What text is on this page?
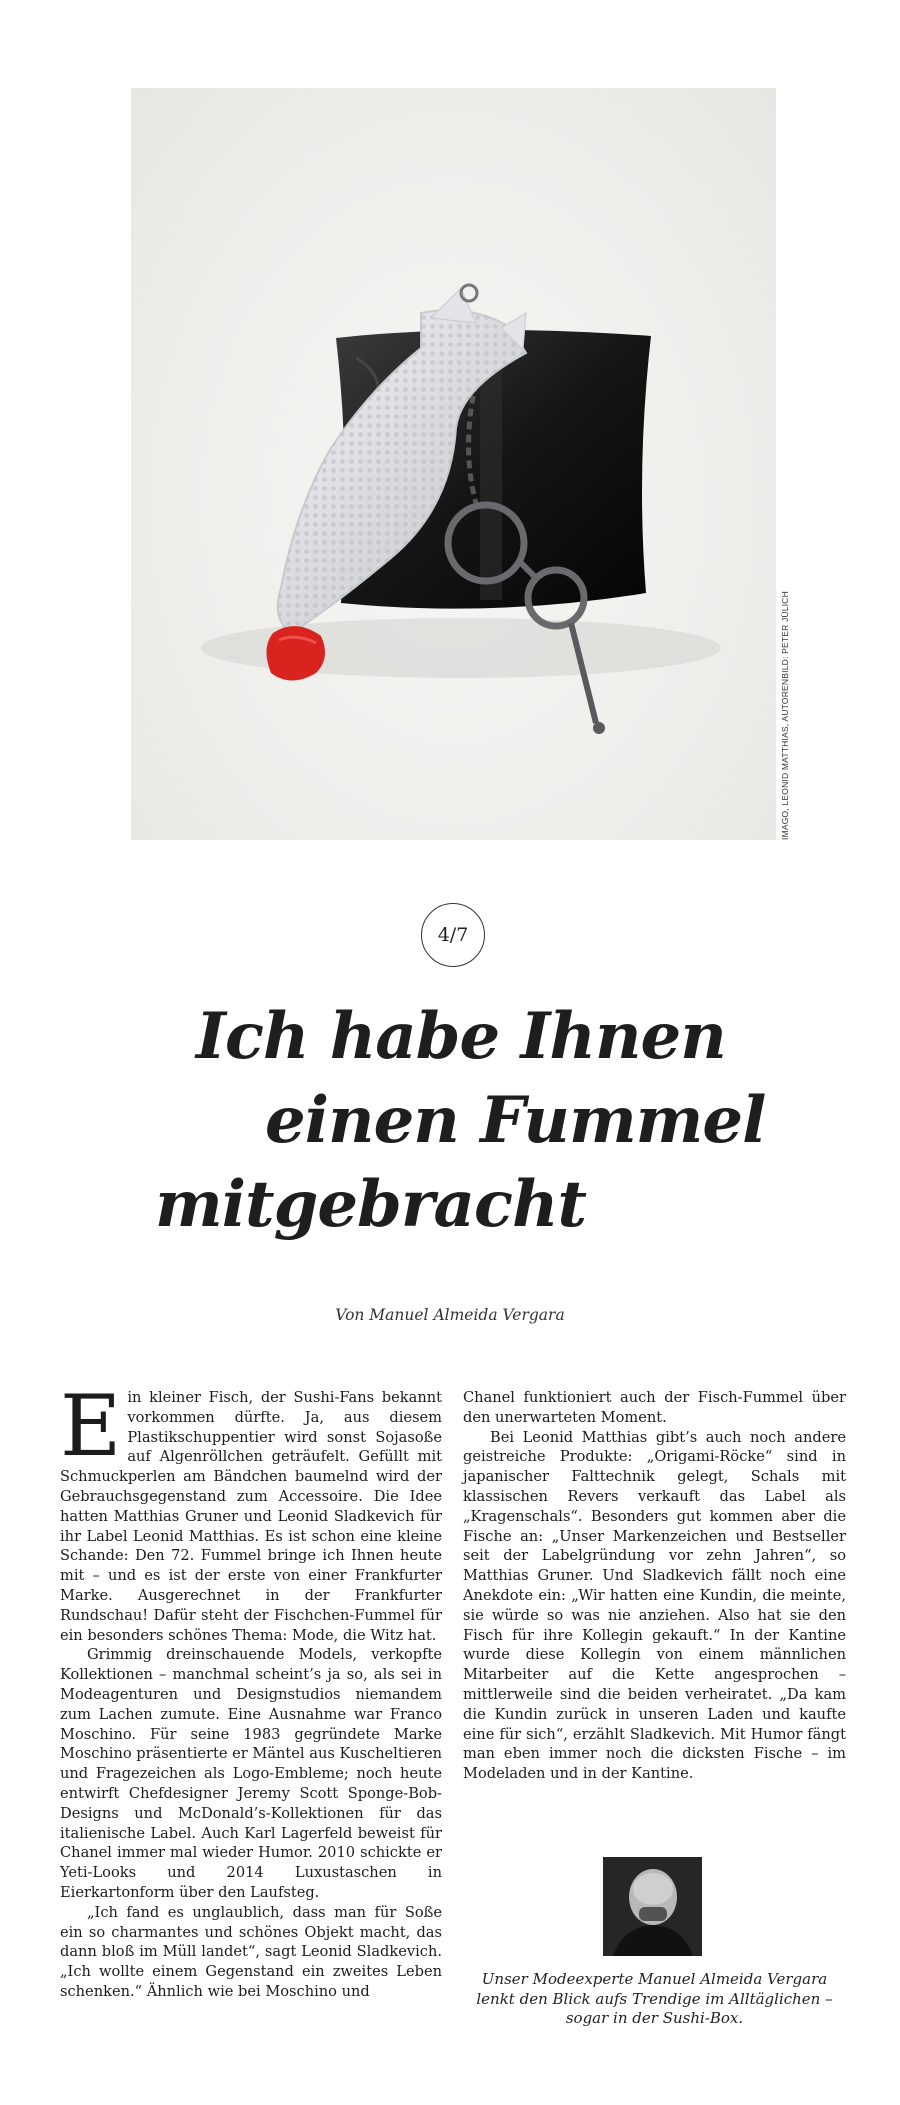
IMAGO, LEONID MATTHIAS, AUTORENBILD: PETER JÜLICH
4/7
Ich habe Ihnen
einen Fummel
mitgebracht
Von Manuel Almeida Vergara

Ein kleiner Fisch, der Sushi-Fans bekannt vorkommen dürfte. Ja, aus diesem Plastikschuppentier wird sonst Sojasoße auf Algenröllchen geträufelt. Gefüllt mit Schmuckperlen am Bändchen baumelnd wird der Gebrauchsgegenstand zum Accessoire. Die Idee hatten Matthias Gruner und Leonid Sladkevich für ihr Label Leonid Matthias. Es ist schon eine kleine Schande: Den 72. Fummel bringe ich Ihnen heute mit – und es ist der erste von einer Frankfurter Marke. Ausgerechnet in der Frankfurter Rundschau! Dafür steht der Fischchen-Fummel für ein besonders schönes Thema: Mode, die Witz hat.

Grimmig dreinschauende Models, verkopfte Kollektionen – manchmal scheint’s ja so, als sei in Modeagenturen und Designstudios niemandem zum Lachen zumute. Eine Ausnahme war Franco Moschino. Für seine 1983 gegründete Marke Moschino präsentierte er Mäntel aus Kuscheltieren und Fragezeichen als Logo-Embleme; noch heute entwirft Chefdesigner Jeremy Scott Sponge-Bob-Designs und McDonald’s-Kollektionen für das italienische Label. Auch Karl Lagerfeld beweist für Chanel immer mal wieder Humor. 2010 schickte er Yeti-Looks und 2014 Luxustaschen in Eierkartonform über den Laufsteg.

„Ich fand es unglaublich, dass man für Soße ein so charmantes und schönes Objekt macht, das dann bloß im Müll landet“, sagt Leonid Sladkevich. „Ich wollte einem Gegenstand ein zweites Leben schenken.“ Ähnlich wie bei Moschino und

Chanel funktioniert auch der Fisch-Fummel über den unerwarteten Moment.

Bei Leonid Matthias gibt’s auch noch andere geistreiche Produkte: „Origami-Röcke“ sind in japanischer Falttechnik gelegt, Schals mit klassischen Revers verkauft das Label als „Kragenschals“. Besonders gut kommen aber die Fische an: „Unser Markenzeichen und Bestseller seit der Labelgründung vor zehn Jahren“, so Matthias Gruner. Und Sladkevich fällt noch eine Anekdote ein: „Wir hatten eine Kundin, die meinte, sie würde so was nie anziehen. Also hat sie den Fisch für ihre Kollegin gekauft.“ In der Kantine wurde diese Kollegin von einem männlichen Mitarbeiter auf die Kette angesprochen – mittlerweile sind die beiden verheiratet. „Da kam die Kundin zurück in unseren Laden und kaufte eine für sich“, erzählt Sladkevich. Mit Humor fängt man eben immer noch die dicksten Fische – im Modeladen und in der Kantine.

Unser Modeexperte Manuel Almeida Vergara lenkt den Blick aufs Trendige im Alltäglichen – sogar in der Sushi-Box.
